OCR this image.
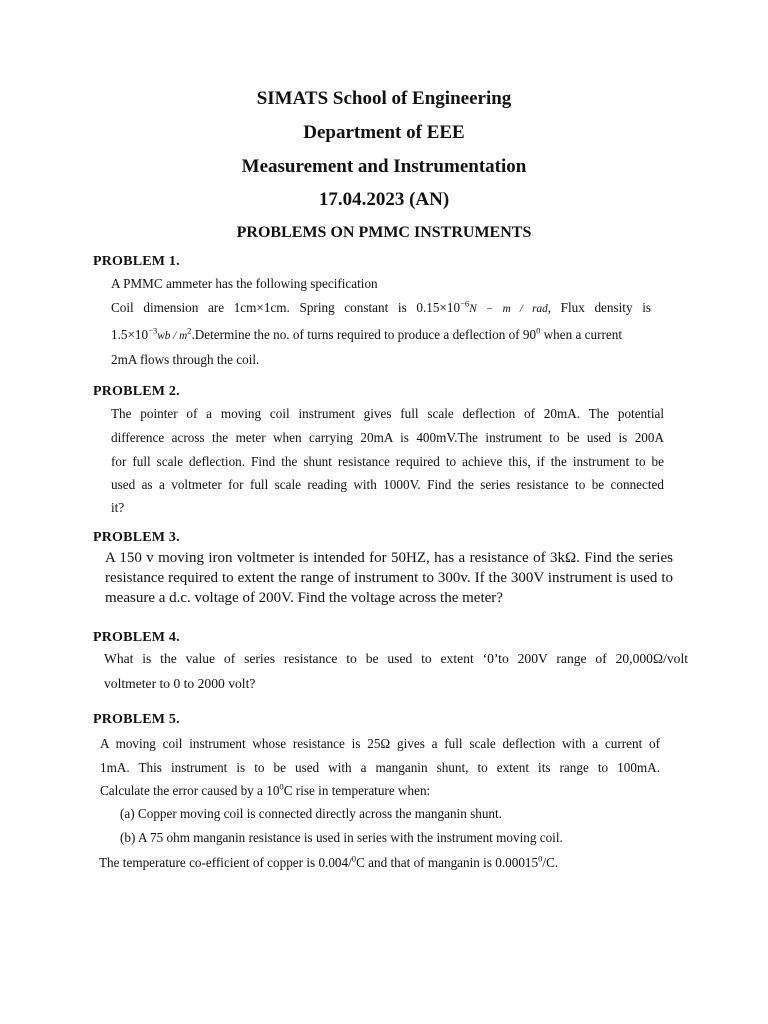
SIMATS School of Engineering
Department of EEE
Measurement and Instrumentation
17.04.2023 (AN)
PROBLEMS ON PMMC INSTRUMENTS
PROBLEM 1.
A PMMC ammeter has the following specification
Coil dimension are 1cm×1cm. Spring constant is $0.15\times 10^{-6}N - m$ / rad, Flux density is
$1.5\times 10^{-3}wb$ / $m^2.Determine$ the no. of turns required to produce a deflection of $90^0$ when a current
2mA flows through the coil.
PROBLEM 2.
The pointer of a moving coil instrument gives full scale deflection of 20mA. The potential
difference across the meter when carrying 20mA is 400mV.The instrument to be used is 200A
for full scale deflection. Find the shunt resistance required to achieve this, if the instrument to be
used as a voltmeter for full scale reading with 1000V. Find the series resistance to be connected
it?
PROBLEM 3.
A 150 v moving iron voltmeter is intended for 50HZ, has a resistance of 3kΩ. Find the series
resistance required to extent the range of instrument to 300v. If the 300V instrument is used to
measure a d.c. voltage of 200V. Find the voltage across the meter?
PROBLEM 4.
What is the value of series resistance to be used to extent ‘0’to 200V range of 20,000Ω/volt
voltmeter to 0 to 2000 volt?
PROBLEM 5.
A moving coil instrument whose resistance is 25Ω gives a full scale deflection with a current of
1mA. This instrument is to be used with a manganin shunt, to extent its range to 100mA.
Calculate the error caused by a $10^0C$ rise in temperature when:
(a) Copper moving coil is connected directly across the manganin shunt.
(b) A 75 ohm manganin resistance is used in series with the instrument moving coil.
The temperature co-efficient of copper is 0.004/$^0$C and that of manganin is 0.00015$^0$/C.
